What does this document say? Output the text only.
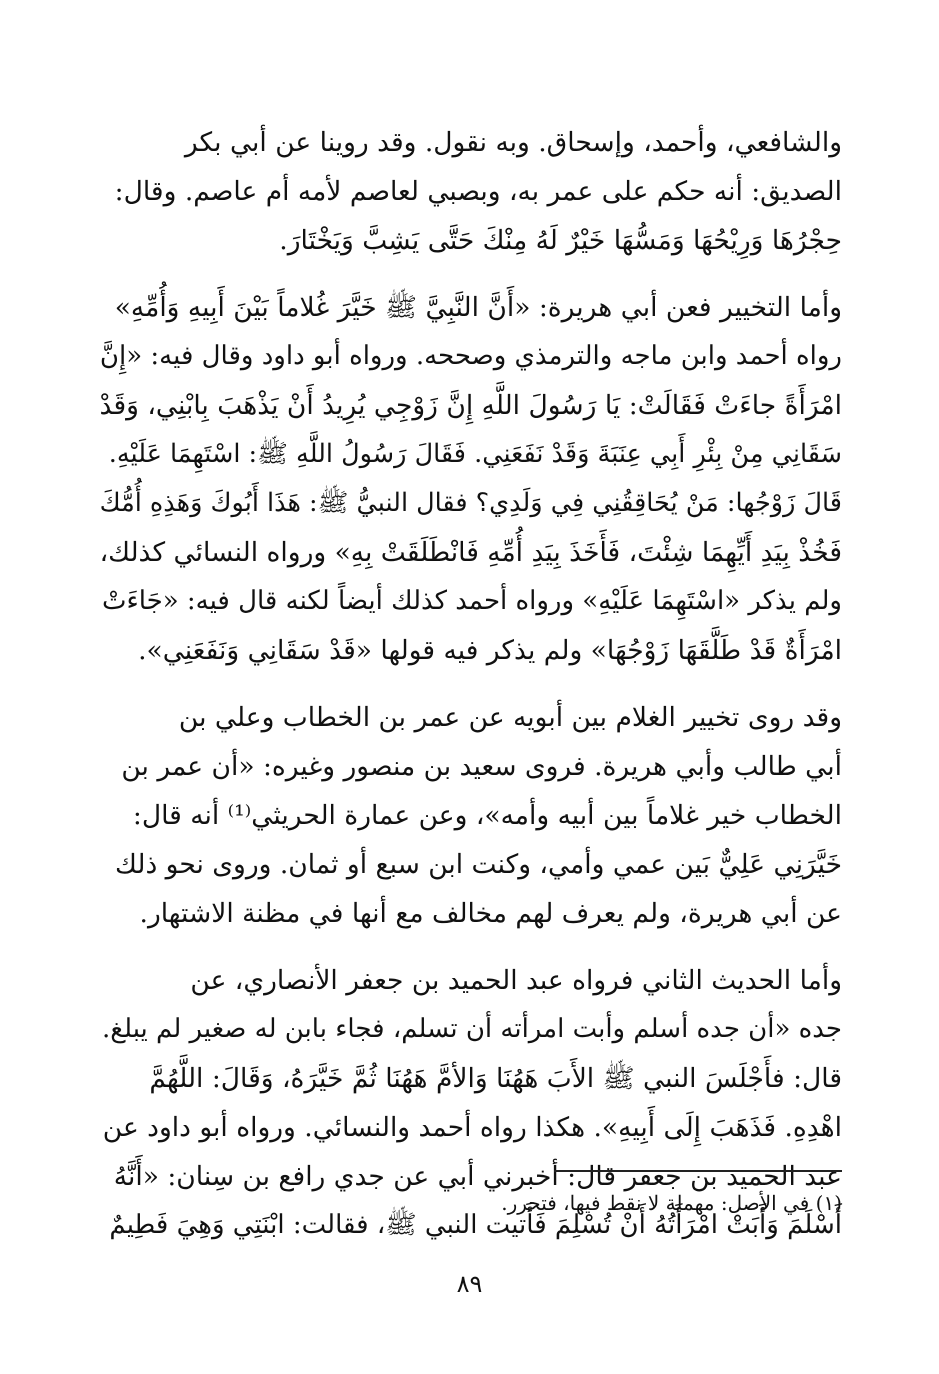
والشافعي، وأحمد، وإسحاق. وبه نقول. وقد روينا عن أبي بكر
الصديق: أنه حكم على عمر به، وبصبي لعاصم لأمه أم عاصم. وقال:
حِجْرُهَا وَرِيْحُهَا وَمَسُّهَا خَيْرٌ لَهُ مِنْكَ حَتَّى يَشِبَّ وَيَخْتَارَ.

وأما التخيير فعن أبي هريرة: «أَنَّ النَّبِيَّ ﷺ خَيَّرَ غُلاماً بَيْنَ أَبِيهِ وَأُمِّهِ»
رواه أحمد وابن ماجه والترمذي وصححه. ورواه أبو داود وقال فيه: «إِنَّ
امْرَأَةً جاءَتْ فَقَالَتْ: يَا رَسُولَ اللَّهِ إِنَّ زَوْجِي يُرِيدُ أَنْ يَذْهَبَ بِابْنِي، وَقَدْ
سَقَانِي مِنْ بِئْرِ أَبِي عِنَبَةَ وَقَدْ نَفَعَنِي. فَقَالَ رَسُولُ اللَّهِ ﷺ: اسْتَهِمَا عَلَيْهِ.
قَالَ زَوْجُها: مَنْ يُحَاقِقُنِي فِي وَلَدِي؟ فقال النبيُّ ﷺ: هَذَا أَبُوكَ وَهَذِهِ أُمُّكَ
فَخُذْ بِيَدِ أَيِّهِمَا شِئْتَ، فَأَخَذَ بِيَدِ أُمِّهِ فَانْطَلَقَتْ بِهِ» ورواه النسائي كذلك،
ولم يذكر «اسْتَهِمَا عَلَيْهِ» ورواه أحمد كذلك أيضاً لكنه قال فيه: «جَاءَتْ
امْرَأَةٌ قَدْ طَلَّقَهَا زَوْجُهَا» ولم يذكر فيه قولها «قَدْ سَقَانِي وَنَفَعَنِي».

وقد روى تخيير الغلام بين أبويه عن عمر بن الخطاب وعلي بن
أبي طالب وأبي هريرة. فروى سعيد بن منصور وغيره: «أن عمر بن
الخطاب خير غلاماً بين أبيه وأمه»، وعن عمارة الحريثي⁽¹⁾ أنه قال:
خَيَّرَنِي عَلِيٌّ بَين عمي وأمي، وكنت ابن سبع أو ثمان. وروى نحو ذلك
عن أبي هريرة، ولم يعرف لهم مخالف مع أنها في مظنة الاشتهار.

وأما الحديث الثاني فرواه عبد الحميد بن جعفر الأنصاري، عن
جده «أن جده أسلم وأبت امرأته أن تسلم، فجاء بابن له صغير لم يبلغ.
قال: فأَجْلَسَ النبي ﷺ الأَبَ هَهُنَا وَالأمَّ هَهُنَا ثُمَّ خَيَّرَهُ، وَقَالَ: اللَّهُمَّ
اهْدِهِ. فَذَهَبَ إِلَى أَبِيهِ». هكذا رواه أحمد والنسائي. ورواه أبو داود عن
عبد الحميد بن جعفر قال: أخبرني أبي عن جدي رافع بن سِنان: «أَنَّهُ
أَسْلَمَ وَأَبَتْ امْرَأَتُهُ أَنْ تُسْلِمَ فَأَتيت النبي ﷺ، فقالت: ابْنَتِي وَهِيَ فَطِيمٌ

(١) في الأصل: مهملة لا نقط فيها، فتحرر.
٨٩
